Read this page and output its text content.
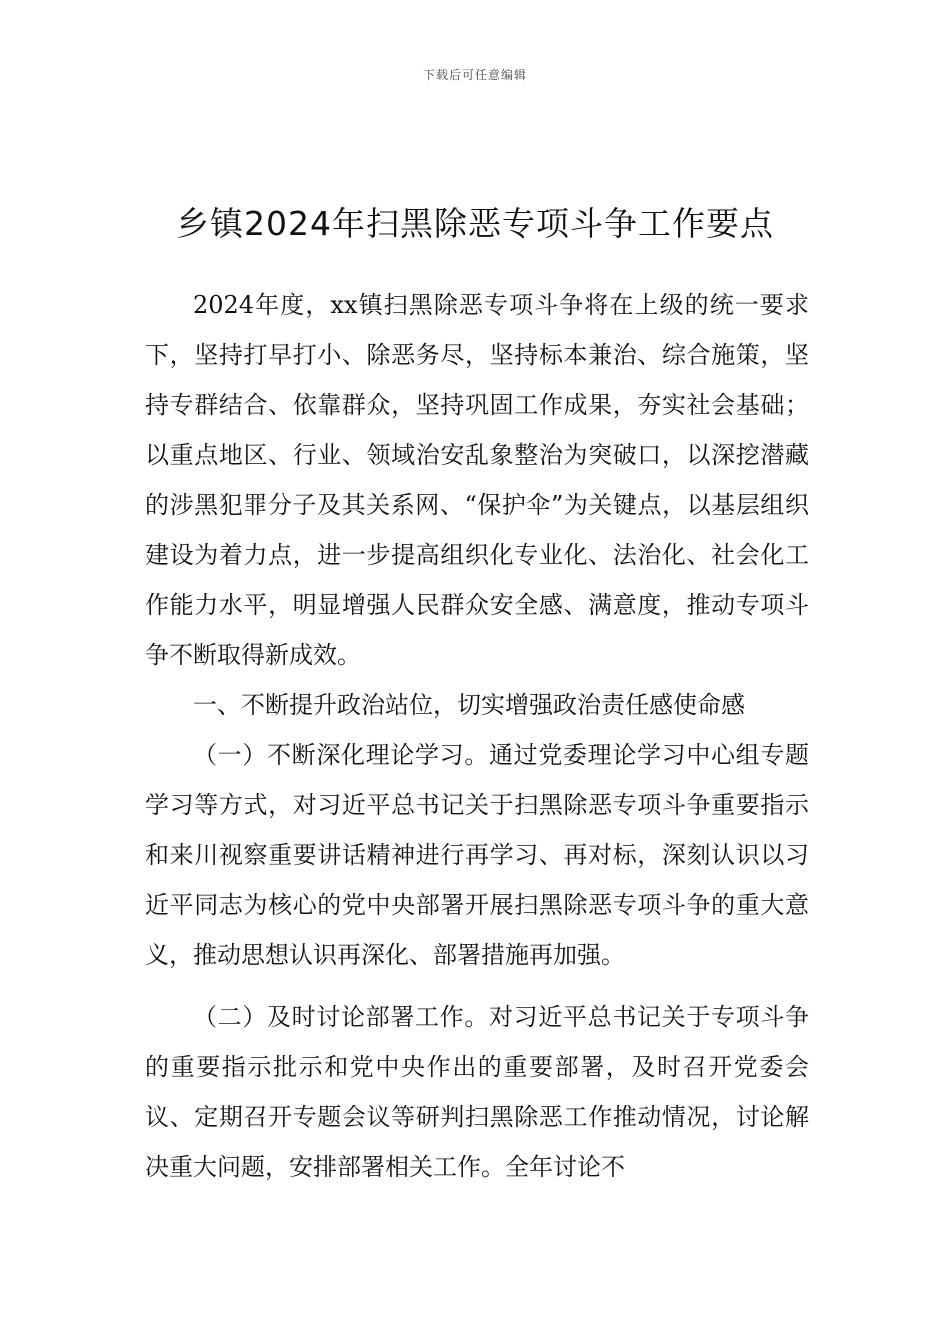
下载后可任意编辑
乡镇2024年扫黑除恶专项斗争工作要点

2024年度，xx镇扫黑除恶专项斗争将在上级的统一要求下，坚持打早打小、除恶务尽，坚持标本兼治、综合施策，坚持专群结合、依靠群众，坚持巩固工作成果，夯实社会基础；以重点地区、行业、领域治安乱象整治为突破口，以深挖潜藏的涉黑犯罪分子及其关系网、“保护伞”为关键点，以基层组织建设为着力点，进一步提高组织化专业化、法治化、社会化工作能力水平，明显增强人民群众安全感、满意度，推动专项斗争不断取得新成效。

一、不断提升政治站位，切实增强政治责任感使命感

（一）不断深化理论学习。通过党委理论学习中心组专题学习等方式，对习近平总书记关于扫黑除恶专项斗争重要指示和来川视察重要讲话精神进行再学习、再对标，深刻认识以习近平同志为核心的党中央部署开展扫黑除恶专项斗争的重大意义，推动思想认识再深化、部署措施再加强。

（二）及时讨论部署工作。对习近平总书记关于专项斗争的重要指示批示和党中央作出的重要部署，及时召开党委会议、定期召开专题会议等研判扫黑除恶工作推动情况，讨论解决重大问题，安排部署相关工作。全年讨论不
